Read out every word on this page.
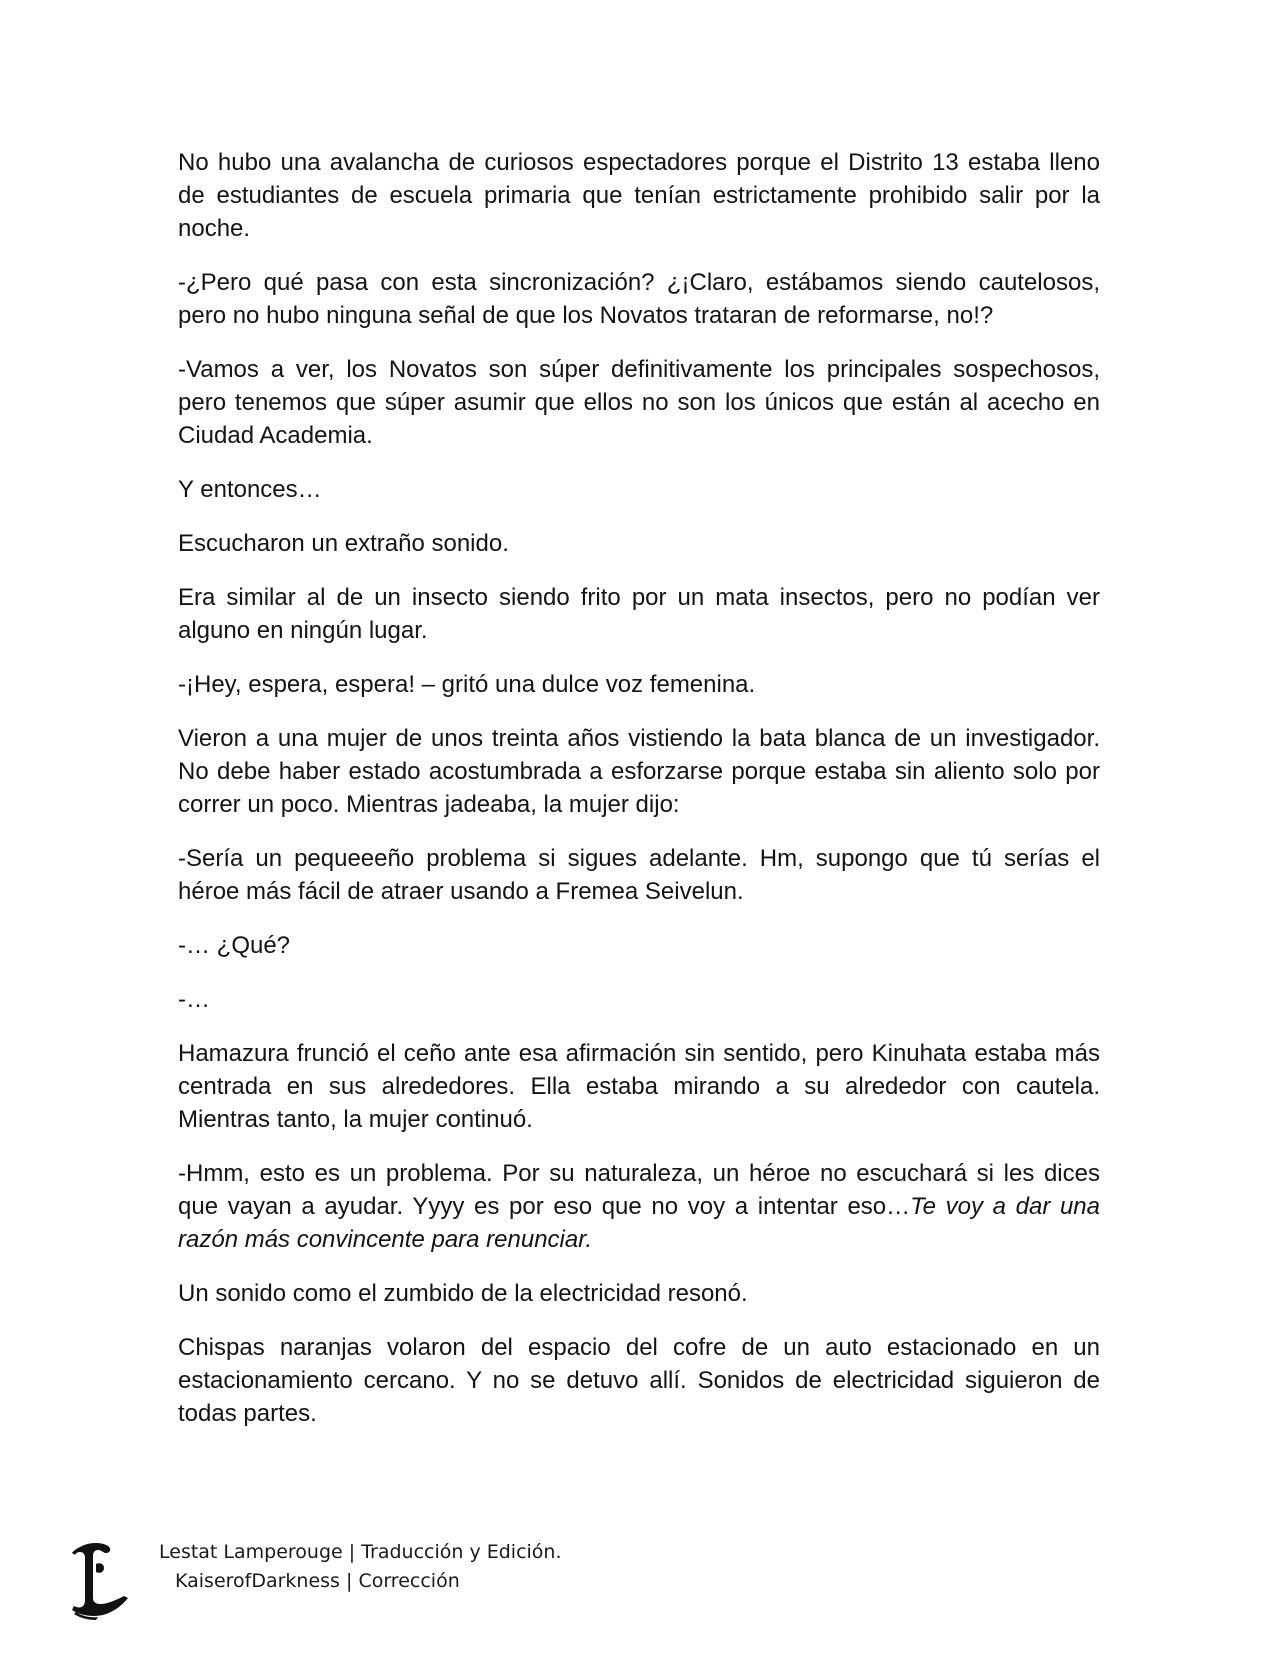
No hubo una avalancha de curiosos espectadores porque el Distrito 13 estaba lleno de estudiantes de escuela primaria que tenían estrictamente prohibido salir por la noche.

-¿Pero qué pasa con esta sincronización? ¿¡Claro, estábamos siendo cautelosos, pero no hubo ninguna señal de que los Novatos trataran de reformarse, no!?

-Vamos a ver, los Novatos son súper definitivamente los principales sospechosos, pero tenemos que súper asumir que ellos no son los únicos que están al acecho en Ciudad Academia.

Y entonces…

Escucharon un extraño sonido.

Era similar al de un insecto siendo frito por un mata insectos, pero no podían ver alguno en ningún lugar.

-¡Hey, espera, espera! – gritó una dulce voz femenina.

Vieron a una mujer de unos treinta años vistiendo la bata blanca de un investigador. No debe haber estado acostumbrada a esforzarse porque estaba sin aliento solo por correr un poco. Mientras jadeaba, la mujer dijo:

-Sería un pequeeeño problema si sigues adelante. Hm, supongo que tú serías el héroe más fácil de atraer usando a Fremea Seivelun.

-… ¿Qué?

-…

Hamazura frunció el ceño ante esa afirmación sin sentido, pero Kinuhata estaba más centrada en sus alrededores. Ella estaba mirando a su alrededor con cautela. Mientras tanto, la mujer continuó.

-Hmm, esto es un problema. Por su naturaleza, un héroe no escuchará si les dices que vayan a ayudar. Yyyy es por eso que no voy a intentar eso…Te voy a dar una razón más convincente para renunciar.

Un sonido como el zumbido de la electricidad resonó.

Chispas naranjas volaron del espacio del cofre de un auto estacionado en un estacionamiento cercano. Y no se detuvo allí. Sonidos de electricidad siguieron de todas partes.

Lestat Lamperouge | Traducción y Edición.
KaiserofDarkness | Corrección
